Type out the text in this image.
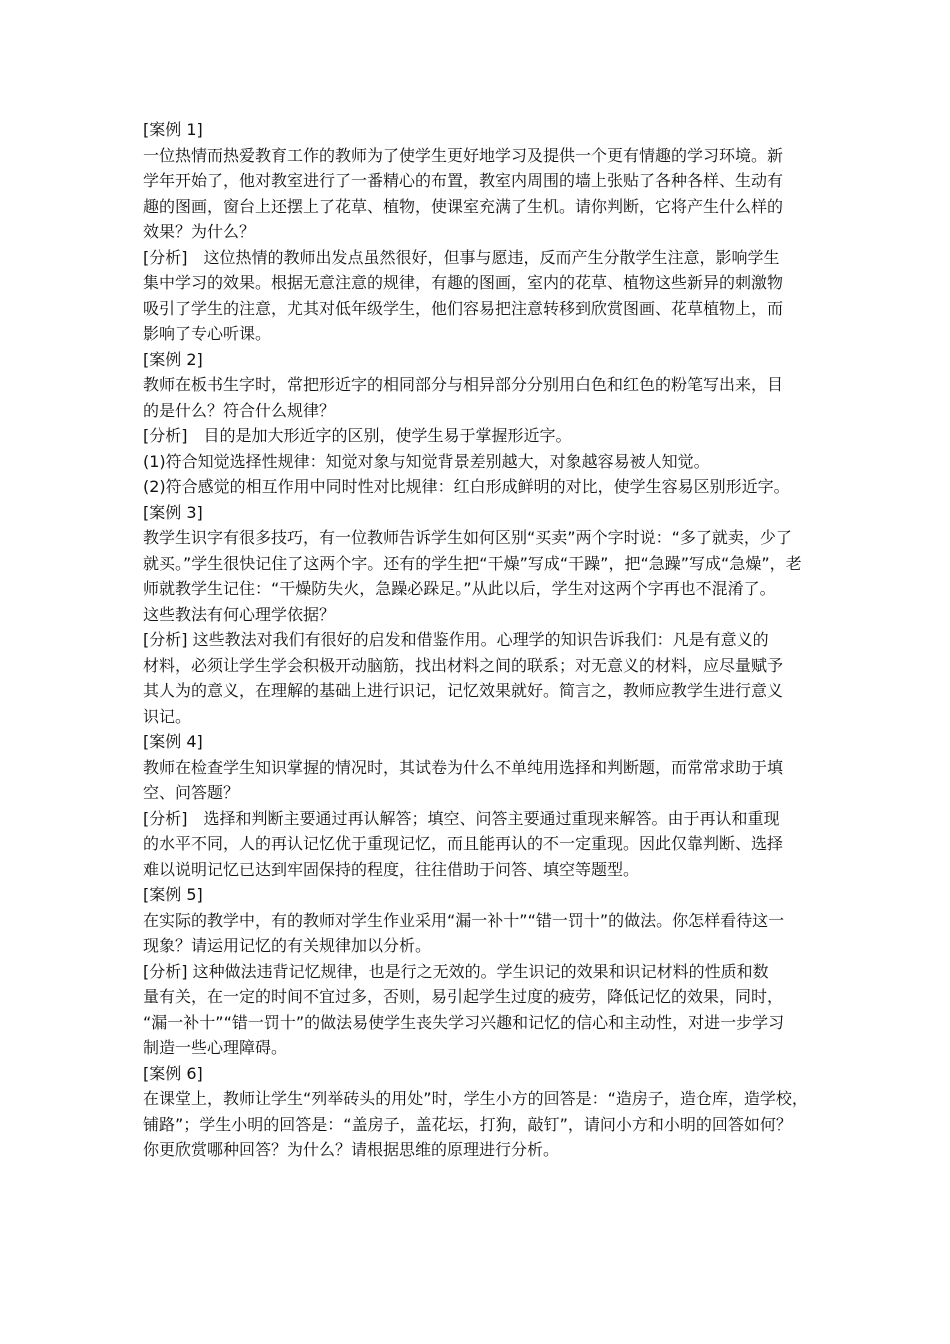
[案例 1]
一位热情而热爱教育工作的教师为了使学生更好地学习及提供一个更有情趣的学习环境。新
学年开始了，他对教室进行了一番精心的布置，教室内周围的墙上张贴了各种各样、生动有
趣的图画，窗台上还摆上了花草、植物，使课室充满了生机。请你判断，它将产生什么样的
效果？为什么？
[分析]　这位热情的教师出发点虽然很好，但事与愿违，反而产生分散学生注意，影响学生
集中学习的效果。根据无意注意的规律，有趣的图画，室内的花草、植物这些新异的刺激物
吸引了学生的注意，尤其对低年级学生，他们容易把注意转移到欣赏图画、花草植物上，而
影响了专心听课。
[案例 2]
教师在板书生字时，常把形近字的相同部分与相异部分分别用白色和红色的粉笔写出来，目
的是什么？符合什么规律？
[分析]　目的是加大形近字的区别，使学生易于掌握形近字。
(1)符合知觉选择性规律：知觉对象与知觉背景差别越大，对象越容易被人知觉。
(2)符合感觉的相互作用中同时性对比规律：红白形成鲜明的对比，使学生容易区别形近字。
[案例 3]
教学生识字有很多技巧，有一位教师告诉学生如何区别“买卖”两个字时说：“多了就卖，少了
就买。”学生很快记住了这两个字。还有的学生把“干燥”写成“干躁”，把“急躁”写成“急燥”，老
师就教学生记住：“干燥防失火，急躁必跺足。”从此以后，学生对这两个字再也不混淆了。
这些教法有何心理学依据？
[分析] 这些教法对我们有很好的启发和借鉴作用。心理学的知识告诉我们：凡是有意义的
材料，必须让学生学会积极开动脑筋，找出材料之间的联系；对无意义的材料，应尽量赋予
其人为的意义，在理解的基础上进行识记，记忆效果就好。简言之，教师应教学生进行意义
识记。
[案例 4]
教师在检查学生知识掌握的情况时，其试卷为什么不单纯用选择和判断题，而常常求助于填
空、问答题？
[分析]　选择和判断主要通过再认解答；填空、问答主要通过重现来解答。由于再认和重现
的水平不同，人的再认记忆优于重现记忆，而且能再认的不一定重现。因此仅靠判断、选择
难以说明记忆已达到牢固保持的程度，往往借助于问答、填空等题型。
[案例 5]
在实际的教学中，有的教师对学生作业采用“漏一补十”“错一罚十”的做法。你怎样看待这一
现象？请运用记忆的有关规律加以分析。
[分析] 这种做法违背记忆规律，也是行之无效的。学生识记的效果和识记材料的性质和数
量有关，在一定的时间不宜过多，否则，易引起学生过度的疲劳，降低记忆的效果，同时，
“漏一补十”“错一罚十”的做法易使学生丧失学习兴趣和记忆的信心和主动性，对进一步学习
制造一些心理障碍。
[案例 6]
在课堂上，教师让学生“列举砖头的用处”时，学生小方的回答是：“造房子，造仓库，造学校，
铺路”；学生小明的回答是：“盖房子，盖花坛，打狗，敲钉”，请问小方和小明的回答如何？
你更欣赏哪种回答？为什么？请根据思维的原理进行分析。
